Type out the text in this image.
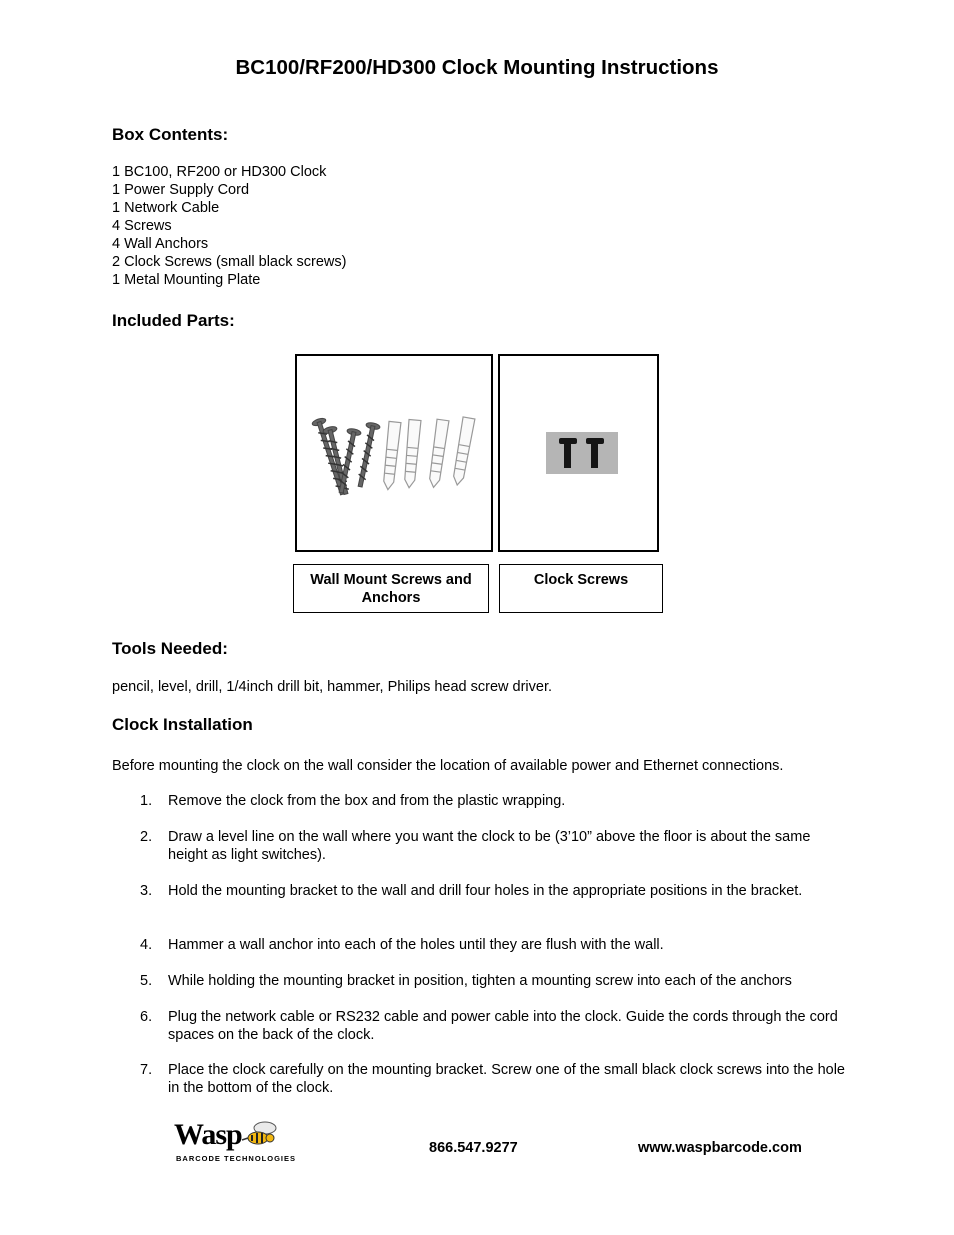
BC100/RF200/HD300 Clock Mounting Instructions
Box Contents:
1 BC100, RF200 or HD300 Clock
1 Power Supply Cord
1 Network Cable
4 Screws
4 Wall Anchors
2 Clock Screws (small black screws)
1 Metal Mounting Plate
Included Parts:
Wall Mount Screws and Anchors
Clock Screws
Tools Needed:
pencil, level, drill, 1/4inch drill bit, hammer, Philips head screw driver.
Clock Installation
Before mounting the clock on the wall consider the location of available power and Ethernet connections.
1.	Remove the clock from the box and from the plastic wrapping.
2.	Draw a level line on the wall where you want the clock to be (3’10” above the floor is about the same height as light switches).
3.	Hold the mounting bracket to the wall and drill four holes in the appropriate positions in the bracket.
4.	Hammer a wall anchor into each of the holes until they are flush with the wall.
5.	While holding the mounting bracket in position, tighten a mounting screw into each of the anchors
6.	Plug the network cable or RS232 cable and power cable into the clock. Guide the cords through the cord spaces on the back of the clock.
7.	Place the clock carefully on the mounting bracket. Screw one of the small black clock screws into the hole in the bottom of the clock.
Wasp
BARCODE TECHNOLOGIES
866.547.9277	www.waspbarcode.com
